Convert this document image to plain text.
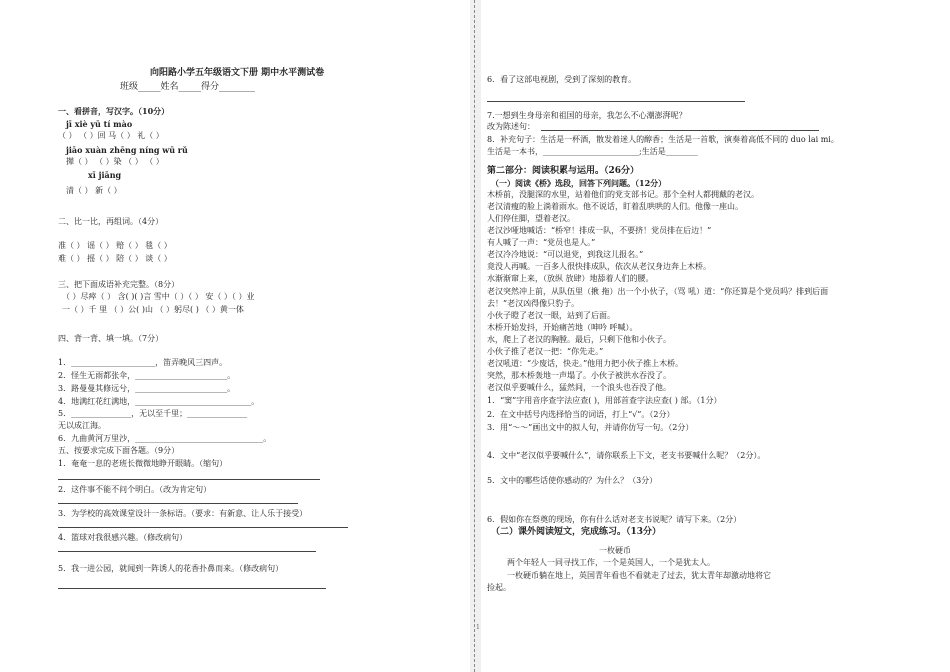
向阳路小学五年级语文下册 期中水平测试卷
班级_____姓名_____得分________
一、看拼音，写汉字。（10分）
jī xiè yū tí mào
（ ） （ ）回 马（ ） 礼（ ）
jiāo xuàn zhēng níng wū rǔ
撵（ ） （ ）染 （ ） （ ）
xī jiāng
清（ ） 新（ ）
二、比一比，再组词。（4分）
准（ ） 谣（ ） 赔（ ） 毯（ ）
难（ ） 摇（ ） 陪（ ） 谈（ ）
三、把下面成语补充完整。（8分）
（ ）尽瘁（ ） 含( )( )言 雪中（ ）（ ） 安（ ）（ ）业
一（ ）千 里 （ ）公( )山 （ ）躬尽( ) （ ）黄一体
四、背一背、填一填。（7分）
1．_____________________，笛弄晚风三四声。
2．怪生无雨都张伞，_______________________。
3．路曼曼其修远兮，_______________________。
4．地满红花红满地，_____________________________。
5．_______________，无以至千里；_______________
无以成江海。
6．九曲黄河万里沙，________________________________。
五、按要求完成下面各题。（9分）
1．奄奄一息的老班长微微地睁开眼睛。（缩句）
2．这件事不能不问个明白。（改为肯定句）
3．为学校的高效课堂设计一条标语。（要求：有新意、让人乐于接受）
4．篮球对我很感兴趣。（修改病句）
5．我一进公园，就闻到一阵诱人的花香扑鼻而来。（修改病句）
6．看了这部电视剧，受到了深刻的教育。
7.一想到生身母亲和祖国的母亲，我怎么不心潮澎湃呢？
改为陈述句：
8．补充句子：生活是一杯酒，散发着迷人的醇香；生活是一首歌，演奏着高低不同的 duo lai mi。
生活是一本书，________________________;生活是________
第二部分：阅读积累与运用。（26分）
（一）阅读《桥》选段，回答下列问题。（12分）
木桥前，没腿深的水里，站着他们的党支部书记。那个全村人都拥戴的老汉。
老汉清瘦的脸上淌着雨水。他不说话，盯着乱哄哄的人们。他像一座山。
人们停住脚，望着老汉。
老汉沙哑地喊话：“桥窄！排成一队，不要挤！党员排在后边！”
有人喊了一声：“党员也是人。”
老汉冷冷地说：“可以退党，到我这儿报名。”
竟没人再喊。一百多人很快排成队，依次从老汉身边奔上木桥。
水渐渐窜上来，（放纵 放肆）地舔着人们的腰。
老汉突然冲上前，从队伍里（揪 拖）出一个小伙子，（骂 吼）道：“你还算是个党员吗？排到后面
去！”老汉凶得像只豹子。
小伙子瞪了老汉一眼，站到了后面。
木桥开始发抖，开始痛苦地（呻吟 呼喊）。
水，爬上了老汉的胸膛。最后，只剩下他和小伙子。
小伙子推了老汉一把：“你先走。”
老汉吼道：“少废话，快走。”他用力把小伙子推上木桥。
突然，那木桥轰地一声塌了。小伙子被洪水吞没了。
老汉似乎要喊什么，猛然间，一个浪头也吞没了他。
1．“窦”字用音序查字法应查( )，用部首查字法应查( ) 部。（1分）
2．在文中括号内选择恰当的词语，打上“√”。（2分）
3．用“～～”画出文中的拟人句，并请你仿写一句。（2分）
4．文中“老汉似乎要喊什么”，请你联系上下文，老支书要喊什么呢？（2分）。
5．文中的哪些话使你感动的？为什么？（3分）
6．假如你在祭奠的现场，你有什么话对老支书说呢？请写下来。（2分）
（二）课外阅读短文，完成练习。（13分）
一枚硬币
两个年轻人一同寻找工作，一个是英国人，一个是犹太人。
一枚硬币躺在地上，英国青年看也不看就走了过去，犹太青年却激动地将它
捡起。
1
